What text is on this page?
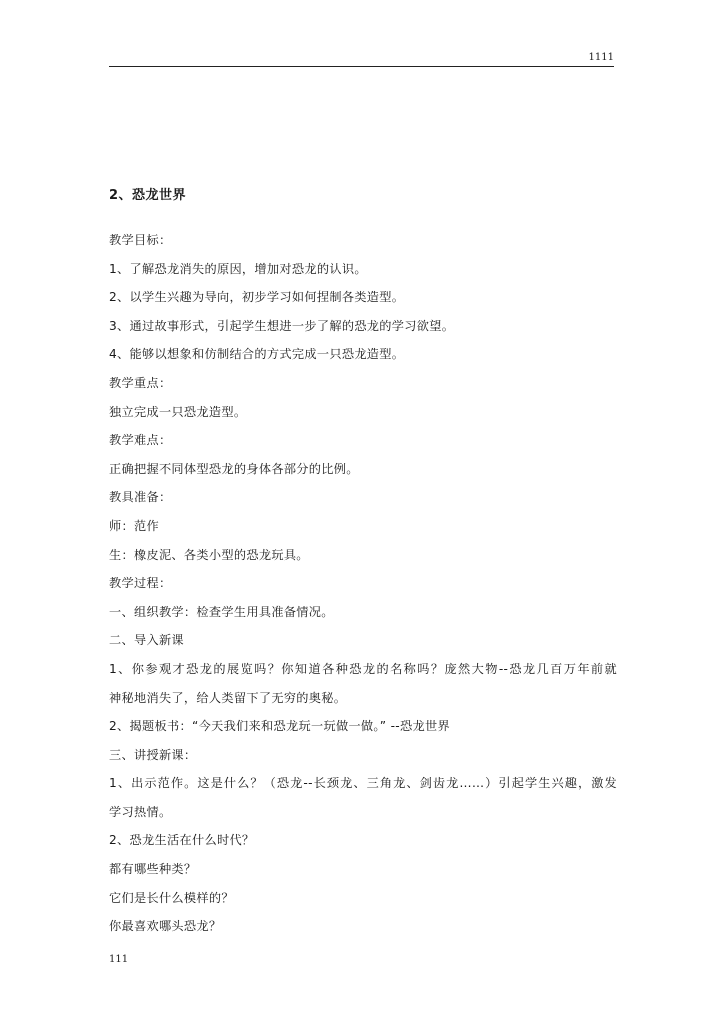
1111
2、恐龙世界
教学目标：
1、了解恐龙消失的原因，增加对恐龙的认识。
2、以学生兴趣为导向，初步学习如何捏制各类造型。
3、通过故事形式，引起学生想进一步了解的恐龙的学习欲望。
4、能够以想象和仿制结合的方式完成一只恐龙造型。
教学重点：
独立完成一只恐龙造型。
教学难点：
正确把握不同体型恐龙的身体各部分的比例。
教具准备：
师：范作
生：橡皮泥、各类小型的恐龙玩具。
教学过程：
一、组织教学：检查学生用具准备情况。
二、导入新课
1、你参观才恐龙的展览吗？你知道各种恐龙的名称吗？庞然大物--恐龙几百万年前就
神秘地消失了，给人类留下了无穷的奥秘。
2、揭题板书：“今天我们来和恐龙玩一玩做一做。” --恐龙世界
三、讲授新课：
1、出示范作。这是什么？（恐龙--长颈龙、三角龙、剑齿龙……）引起学生兴趣，激发
学习热情。
2、恐龙生活在什么时代？
都有哪些种类？
它们是长什么模样的？
你最喜欢哪头恐龙？
111
